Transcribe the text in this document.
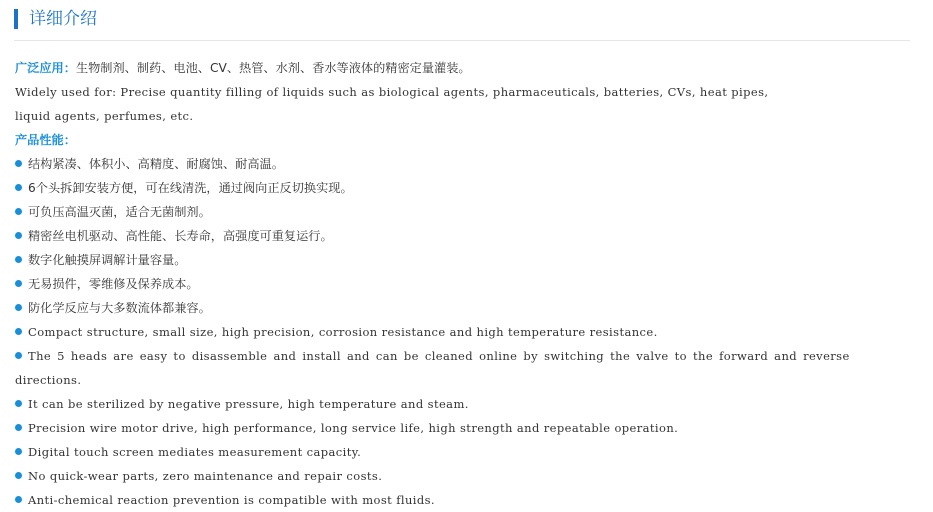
详细介绍
广泛应用：生物制剂、制药、电池、CV、热管、水剂、香水等液体的精密定量灌装。
Widely used for: Precise quantity filling of liquids such as biological agents, pharmaceuticals, batteries, CVs, heat pipes,
liquid agents, perfumes, etc.
产品性能：
结构紧凑、体积小、高精度、耐腐蚀、耐高温。
6个头拆卸安装方便，可在线清洗，通过阀向正反切换实现。
可负压高温灭菌，适合无菌制剂。
精密丝电机驱动、高性能、长寿命，高强度可重复运行。
数字化触摸屏调解计量容量。
无易损件，零维修及保养成本。
防化学反应与大多数流体都兼容。
Compact structure, small size, high precision, corrosion resistance and high temperature resistance.
The 5 heads are easy to disassemble and install and can be cleaned online by switching the valve to the forward and reverse directions.
It can be sterilized by negative pressure, high temperature and steam.
Precision wire motor drive, high performance, long service life, high strength and repeatable operation.
Digital touch screen mediates measurement capacity.
No quick-wear parts, zero maintenance and repair costs.
Anti-chemical reaction prevention is compatible with most fluids.
